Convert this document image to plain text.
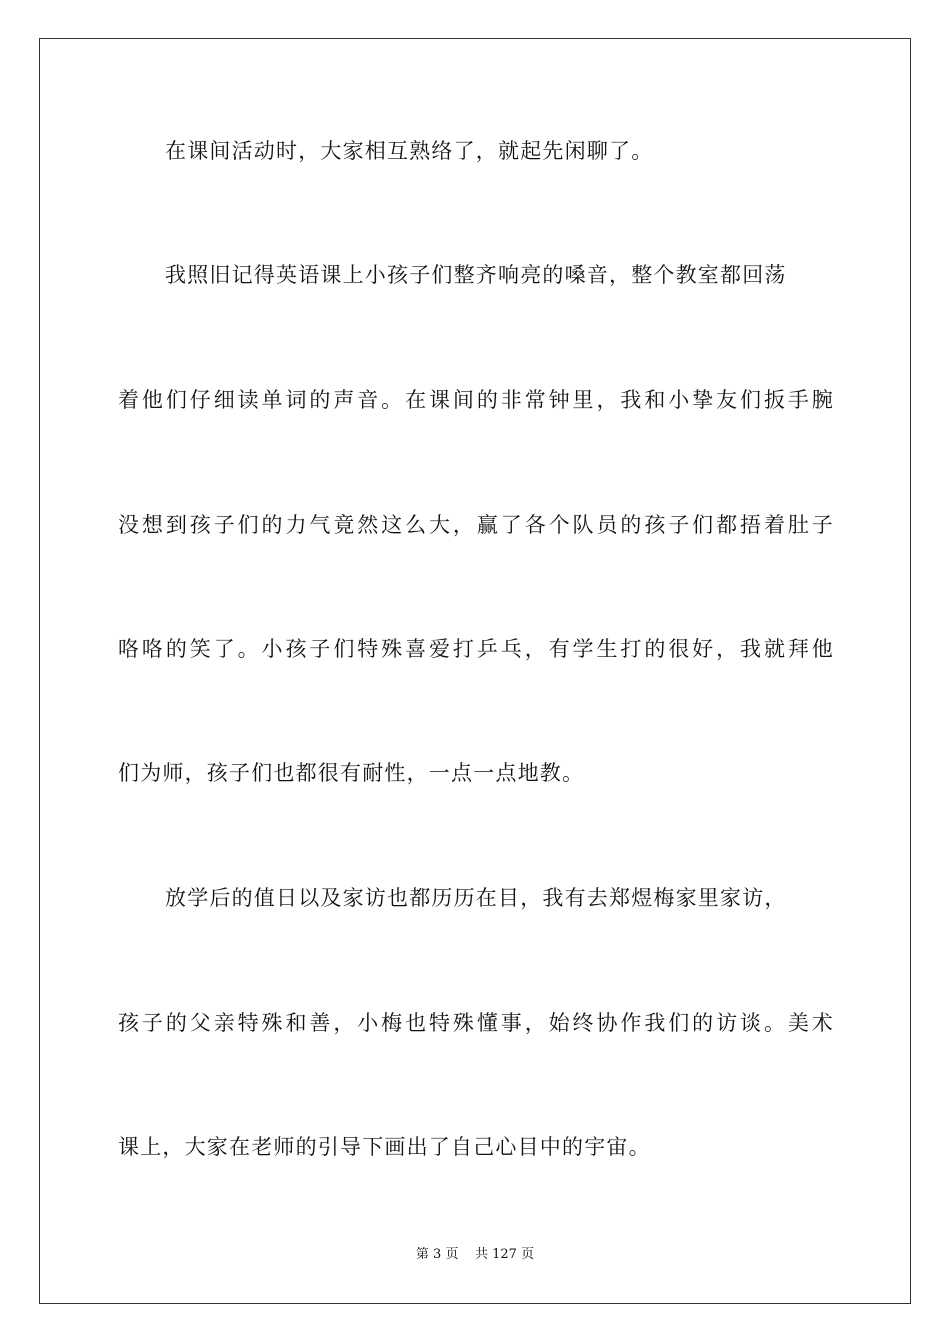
在课间活动时，大家相互熟络了，就起先闲聊了。
我照旧记得英语课上小孩子们整齐响亮的嗓音，整个教室都回荡
着他们仔细读单词的声音。在课间的非常钟里，我和小挚友们扳手腕
没想到孩子们的力气竟然这么大，赢了各个队员的孩子们都捂着肚子
咯咯的笑了。小孩子们特殊喜爱打乒乓，有学生打的很好，我就拜他
们为师，孩子们也都很有耐性，一点一点地教。
放学后的值日以及家访也都历历在目，我有去郑煜梅家里家访，
孩子的父亲特殊和善，小梅也特殊懂事，始终协作我们的访谈。美术
课上，大家在老师的引导下画出了自己心目中的宇宙。
第 3 页 共 127 页
